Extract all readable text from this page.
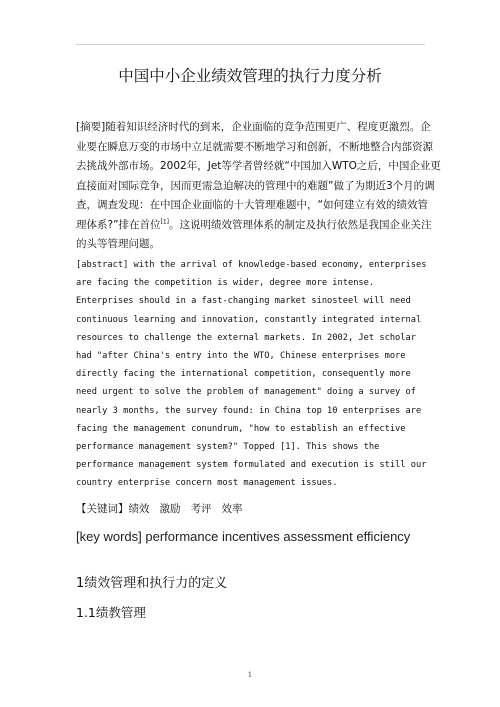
中国中小企业绩效管理的执行力度分析
[摘要]随着知识经济时代的到来，企业面临的竞争范围更广、程度更激烈。企
业要在瞬息万变的市场中立足就需要不断地学习和创新，不断地整合内部资源
去挑战外部市场。2002年，Jet等学者曾经就“中国加入WTO之后，中国企业更
直接面对国际竞争，因而更需急迫解决的管理中的难题”做了为期近3个月的调
查，调查发现：在中国企业面临的十大管理难题中，“如何建立有效的绩效管
理体系?”排在首位[1]。这说明绩效管理体系的制定及执行依然是我国企业关注
的头等管理问题。
[abstract] with the arrival of knowledge-based economy, enterprises
are facing the competition is wider, degree more intense.
Enterprises should in a fast-changing market sinosteel will need
continuous learning and innovation, constantly integrated internal
resources to challenge the external markets. In 2002, Jet scholar
had "after China's entry into the WTO, Chinese enterprises more
directly facing the international competition, consequently more
need urgent to solve the problem of management" doing a survey of
nearly 3 months, the survey found: in China top 10 enterprises are
facing the management conundrum, "how to establish an effective
performance management system?" Topped [1]. This shows the
performance management system formulated and execution is still our
country enterprise concern most management issues.
【关键词】绩效 激励 考评 效率
[key words] performance incentives assessment efficiency
1绩效管理和执行力的定义
1.1绩教管理
1
